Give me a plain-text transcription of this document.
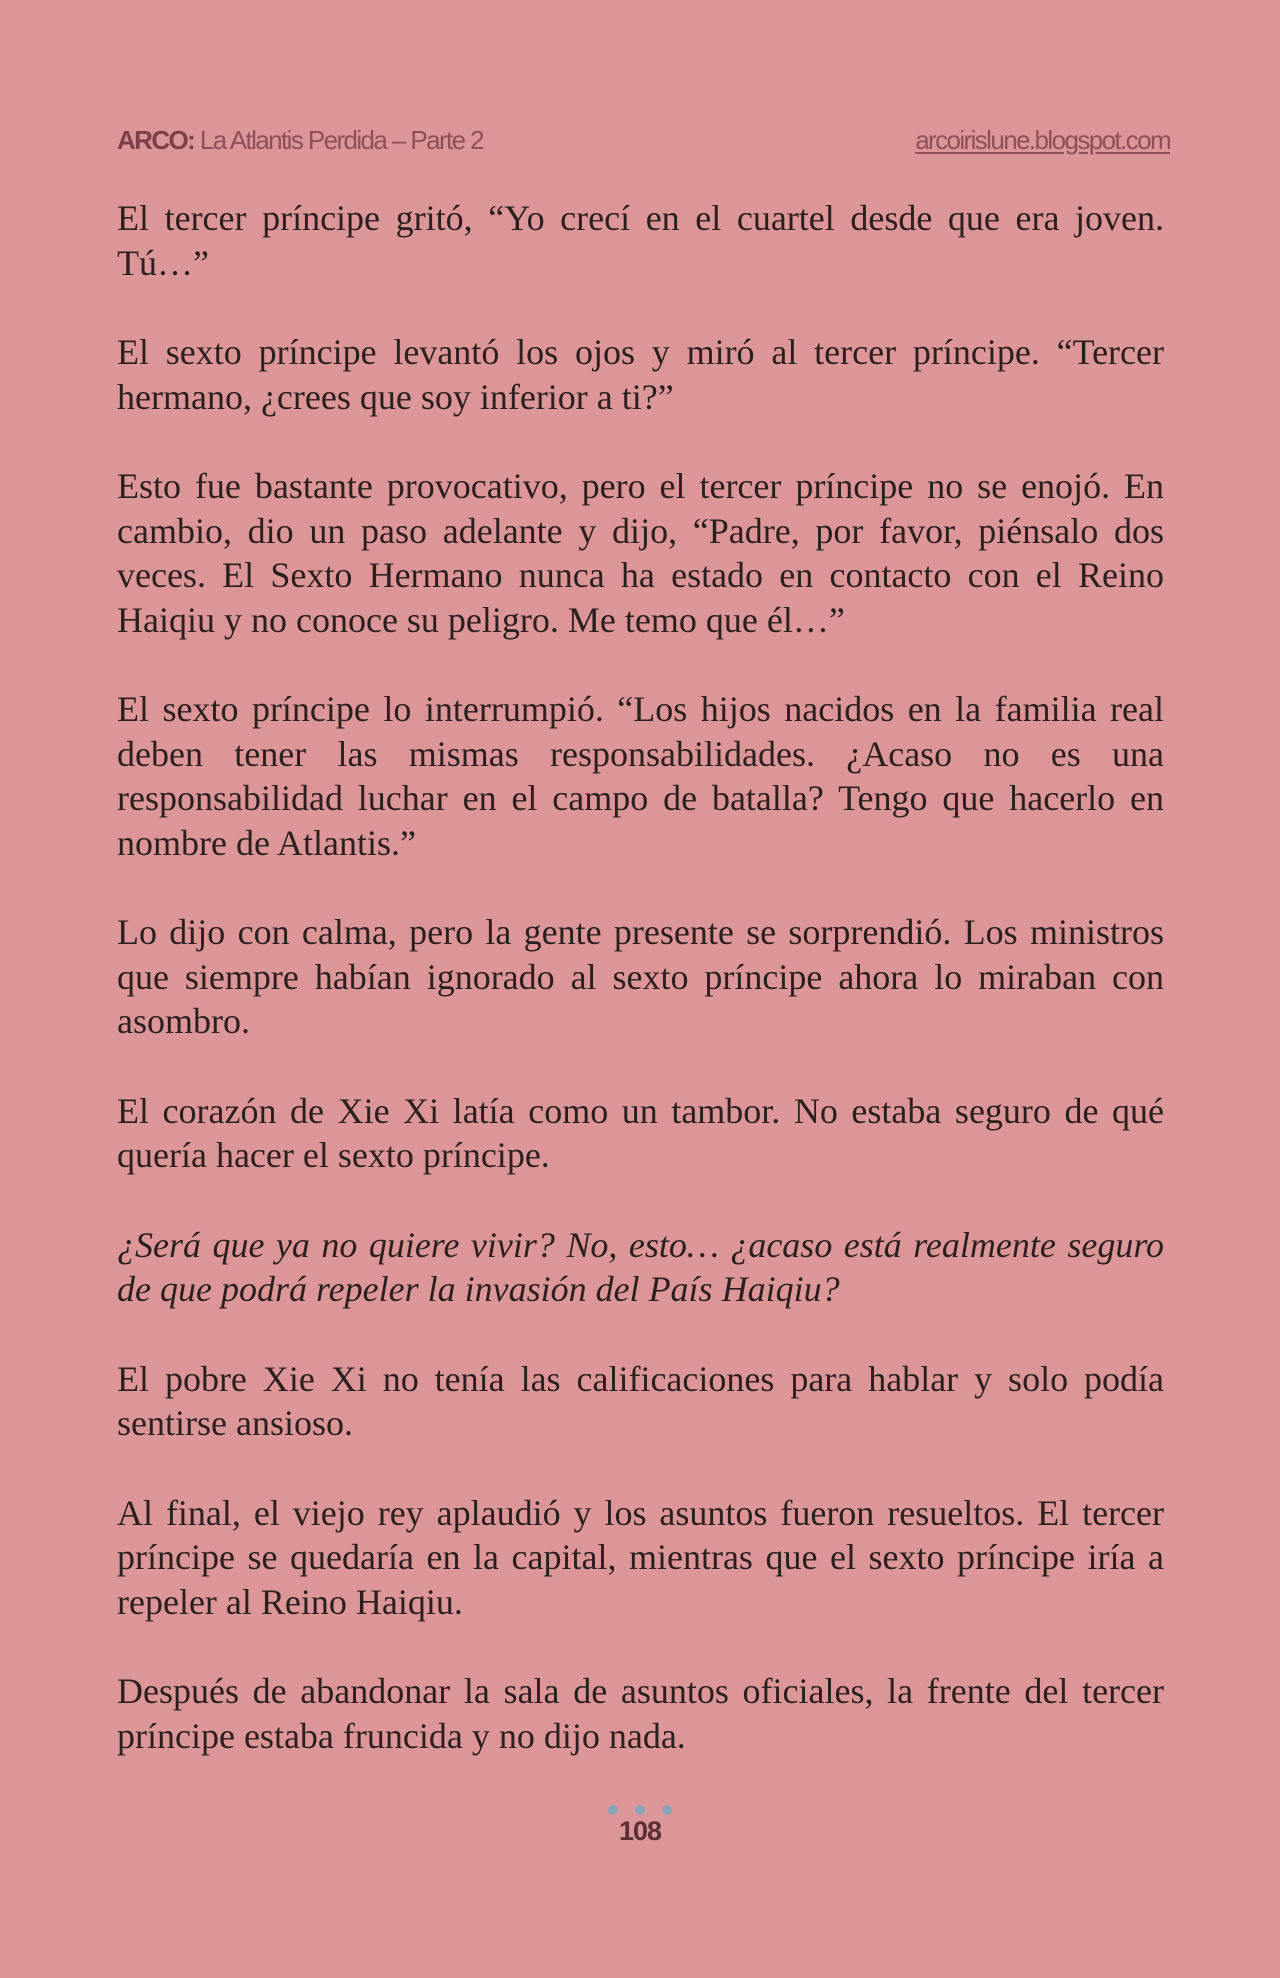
ARCO: La Atlantis Perdida – Parte 2	arcoirislune.blogspot.com

El tercer príncipe gritó, “Yo crecí en el cuartel desde que era joven. Tú…”

El sexto príncipe levantó los ojos y miró al tercer príncipe. “Tercer hermano, ¿crees que soy inferior a ti?”

Esto fue bastante provocativo, pero el tercer príncipe no se enojó. En cambio, dio un paso adelante y dijo, “Padre, por favor, piénsalo dos veces. El Sexto Hermano nunca ha estado en contacto con el Reino Haiqiu y no conoce su peligro. Me temo que él…”

El sexto príncipe lo interrumpió. “Los hijos nacidos en la familia real deben tener las mismas responsabilidades. ¿Acaso no es una responsabilidad luchar en el campo de batalla? Tengo que hacerlo en nombre de Atlantis.”

Lo dijo con calma, pero la gente presente se sorprendió. Los ministros que siempre habían ignorado al sexto príncipe ahora lo miraban con asombro.

El corazón de Xie Xi latía como un tambor. No estaba seguro de qué quería hacer el sexto príncipe.

¿Será que ya no quiere vivir? No, esto… ¿acaso está realmente seguro de que podrá repeler la invasión del País Haiqiu?

El pobre Xie Xi no tenía las calificaciones para hablar y solo podía sentirse ansioso.

Al final, el viejo rey aplaudió y los asuntos fueron resueltos. El tercer príncipe se quedaría en la capital, mientras que el sexto príncipe iría a repeler al Reino Haiqiu.

Después de abandonar la sala de asuntos oficiales, la frente del tercer príncipe estaba fruncida y no dijo nada.

108
